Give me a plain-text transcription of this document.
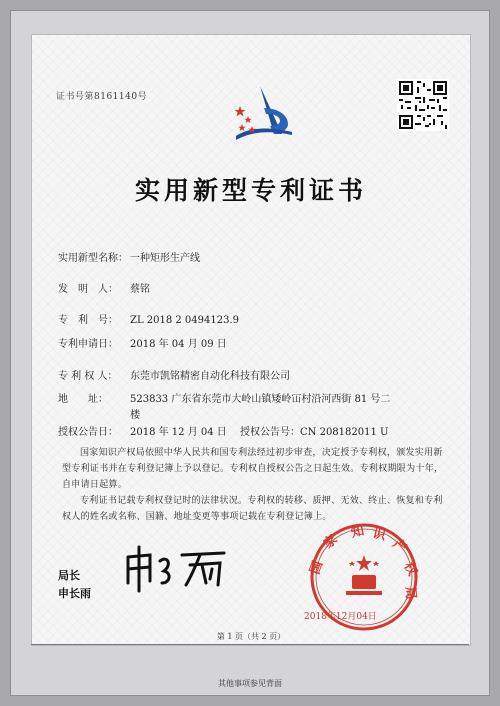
证书号第8161140号
实用新型专利证书
实用新型名称： 一种矩形生产线
发　明　人： 蔡铭
专　利　号： ZL 2018 2 0494123.9
专利申请日： 2018 年 04 月 09 日
专 利 权 人： 东莞市凯铭精密自动化科技有限公司
地　　址： 523833 广东省东莞市大岭山镇矮岭冚村沿河西街 81 号二
楼
授权公告日： 2018 年 12 月 04 日 授权公告号：CN 208182011 U
国家知识产权局依照中华人民共和国专利法经过初步审查，决定授予专利权，颁发实用新型专利证书并在专利登记簿上予以登记。专利权自授权公告之日起生效。专利权期限为十年，自申请日起算。
专利证书记载专利权登记时的法律状况。专利权的转移、质押、无效、终止、恢复和专利权人的姓名或名称、国籍、地址变更等事项记载在专利登记簿上。
局长
申长雨
国
家 知 识
产
权
局
2018年12月04日
第 1 页（共 2 页）
其他事项参见背面
